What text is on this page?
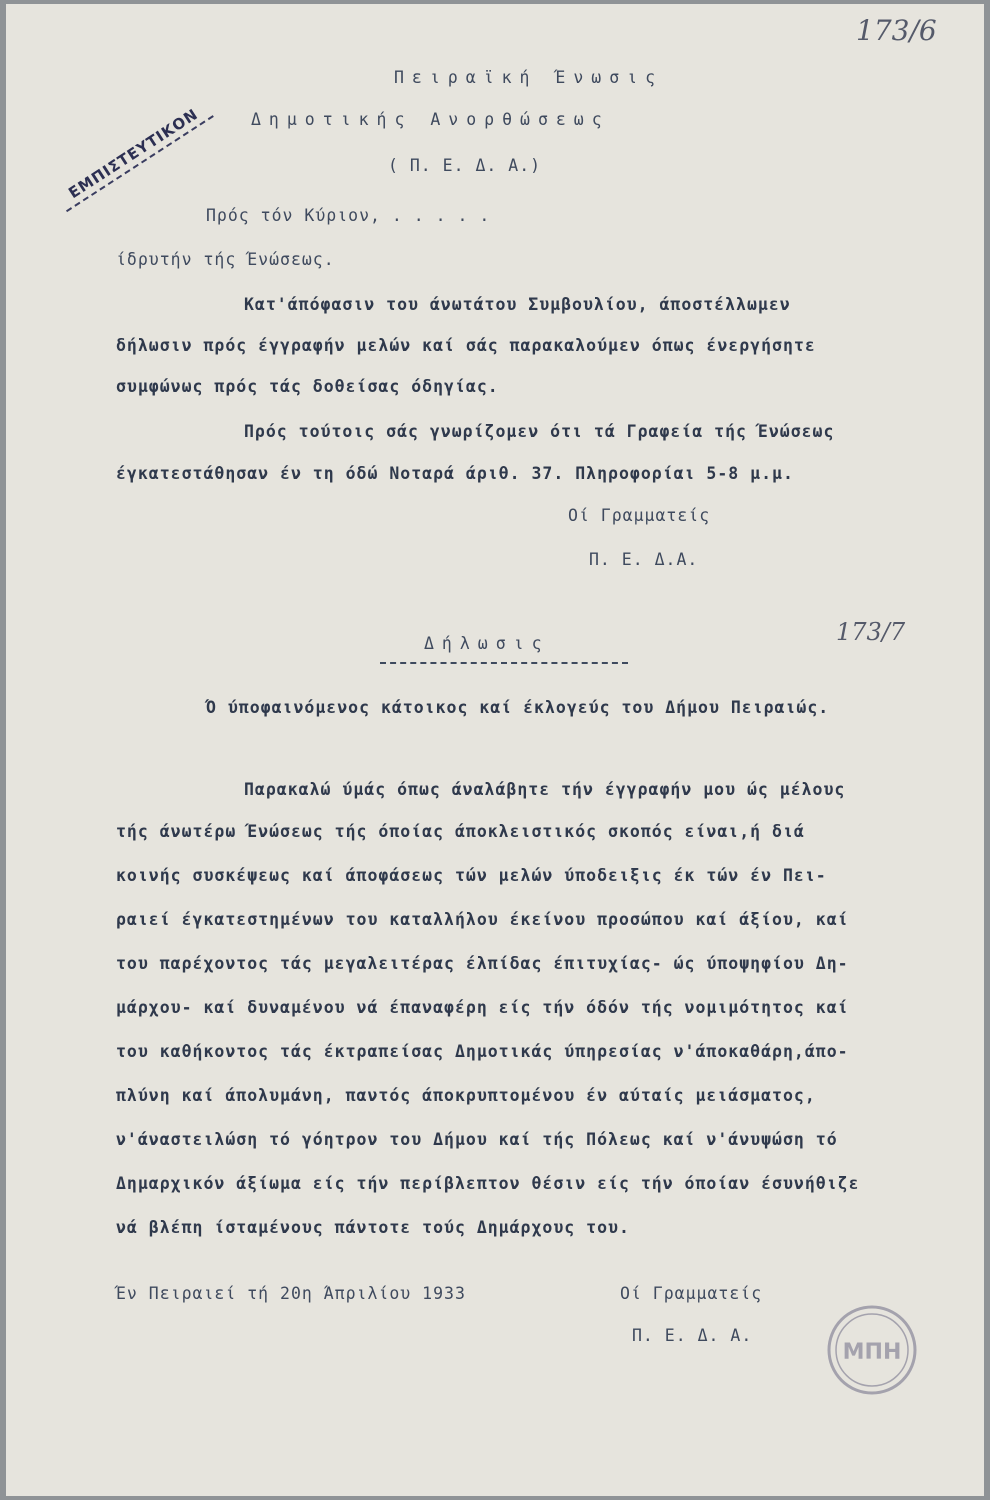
173/6
ΕΜΠΙΣΤΕΥΤΙΚΟΝ

Πειραϊκή Ένωσις

Δημοτικής Ανορθώσεως

( Π. Ε. Δ. Α.)

Πρός τόν Κύριον, . . . . .

ίδρυτήν τής Ένώσεως.

Κατ'άπόφασιν του άνωτάτου Συμβουλίου, άποστέλλωμεν

δήλωσιν πρός έγγραφήν μελών καί σάς παρακαλούμεν όπως ένεργήσητε

συμφώνως πρός τάς δοθείσας όδηγίας.

Πρός τούτοις σάς γνωρίζομεν ότι τά Γραφεία τής Ένώσεως

έγκατεστάθησαν έν τη όδώ Νοταρά άριθ. 37. Πληροφορίαι 5-8 μ.μ.

Οί Γραμματείς

Π. Ε. Δ.Α.

173/7

Δήλωσις

Ό ύποφαινόμενος κάτοικος καί έκλογεύς του Δήμου Πειραιώς.

Παρακαλώ ύμάς όπως άναλάβητε τήν έγγραφήν μου ώς μέλους

τής άνωτέρω Ένώσεως τής όποίας άποκλειστικός σκοπός είναι,ή διά

κοινής συσκέψεως καί άποφάσεως τών μελών ύποδειξις έκ τών έν Πει-

ραιεί έγκατεστημένων του καταλλήλου έκείνου προσώπου καί άξίου, καί

του παρέχοντος τάς μεγαλειτέρας έλπίδας έπιτυχίας- ώς ύποψηφίου Δη-

μάρχου- καί δυναμένου νά έπαναφέρη είς τήν όδόν τής νομιμότητος καί

του καθήκοντος τάς έκτραπείσας Δημοτικάς ύπηρεσίας ν'άποκαθάρη,άπο-

πλύνη καί άπολυμάνη, παντός άποκρυπτομένου έν αύταίς μειάσματος,

ν'άναστειλώση τό γόητρον του Δήμου καί τής Πόλεως καί ν'άνυψώση τό

Δημαρχικόν άξίωμα είς τήν περίβλεπτον θέσιν είς τήν όποίαν έσυνήθιζε

νά βλέπη ίσταμένους πάντοτε τούς Δημάρχους του.

Έν Πειραιεί τή 20η Άπριλίου 1933	Οί Γραμματείς

Π. Ε. Δ. Α.

ΜΠΗ
